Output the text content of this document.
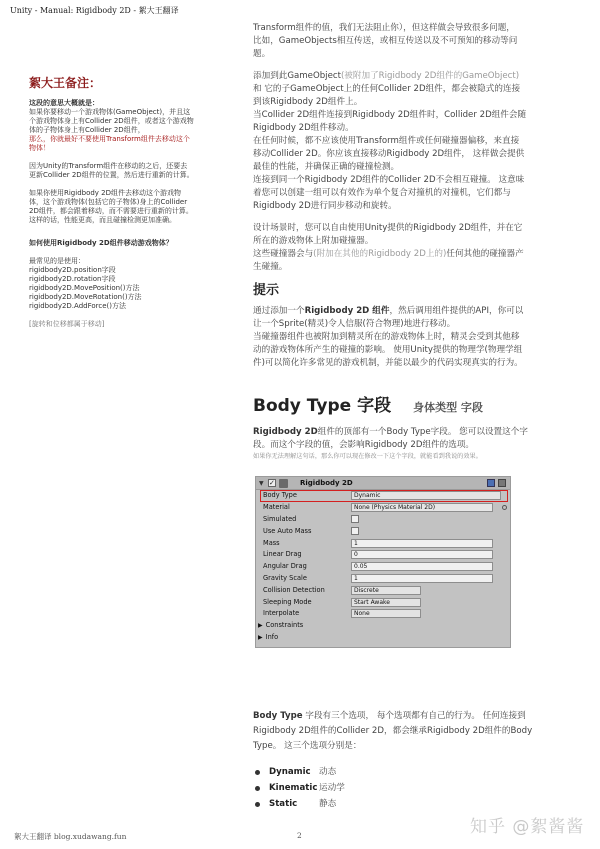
Unity - Manual: Rigidbody 2D - 絮大王翻译
絮大王备注：
这段的意思大概就是：
如果你要移动一个游戏物体(GameObject)，并且这
个游戏物体身上有Collider 2D组件，或者这个游戏物
体的子物体身上有Collider 2D组件，
那么，你就最好不要使用Transform组件去移动这个
物体！
因为Unity的Transform组件在移动的之后，还要去
更新Collider 2D组件的位置，然后进行重新的计算。
如果你使用Rigidbody 2D组件去移动这个游戏物
体，这个游戏物体(包括它的子物体)身上的Collider
2D组件，都会跟着移动，而不需要进行重新的计算。
这样的话，性能更高，而且碰撞检测更加准确。
如何使用Rigidbody 2D组件移动游戏物体？
最常见的是使用：
rigidbody2D.position字段
rigidbody2D.rotation字段
rigidbody2D.MovePosition()方法
rigidbody2D.MoveRotation()方法
rigidbody2D.AddForce()方法
[旋转和位移都属于移动]
Transform组件的值，我们无法阻止你），但这样做会导致很多问题，
比如，GameObjects相互传送，或相互传送以及不可预知的移动等问
题。
添加到此GameObject(被附加了Rigidbody 2D组件的GameObject)
和 它的子GameObject上的任何Collider 2D组件，都会被隐式的连接
到该Rigidbody 2D组件上。
当Collider 2D组件连接到Rigidbody 2D组件时，Collider 2D组件会随
Rigidbody 2D组件移动。
在任何时候，都不应该使用Transform组件或任何碰撞器偏移，来直接
移动Collider 2D。你应该直接移动Rigidbody 2D组件， 这样做会提供
最佳的性能，并确保正确的碰撞检测。
连接到同一个Rigidbody 2D组件的Collider 2D不会相互碰撞。 这意味
着您可以创建一组可以有效作为单个复合对撞机的对撞机，它们都与
Rigidbody 2D进行同步移动和旋转。
设计场景时，您可以自由使用Unity提供的Rigidbody 2D组件，并在它
所在的游戏物体上附加碰撞器。
这些碰撞器会与(附加在其他的Rigidbody 2D上的)任何其他的碰撞器产
生碰撞。
提示
通过添加一个Rigidbody 2D 组件，然后调用组件提供的API，你可以
让一个Sprite(精灵)令人信服(符合物理)地进行移动。
当碰撞器组件也被附加到精灵所在的游戏物体上时，精灵会受到其他移
动的游戏物体所产生的碰撞的影响。 使用Unity提供的物理学(物理学组
件)可以简化许多常见的游戏机制，并能以最少的代码实现真实的行为。
Body Type 字段 身体类型 字段
Rigidbody 2D组件的顶部有一个Body Type字段。 您可以设置这个字
段。而这个字段的值，会影响Rigidbody 2D组件的选项。
如果你无法理解这句话，那么你可以现在修改一下这个字段，就能看到我说的效果。
▼ ✓	Rigidbody 2D
Body Type	Dynamic
Material	None (Physics Material 2D)
Simulated
Use Auto Mass
Mass	1
Linear Drag	0
Angular Drag	0.05
Gravity Scale	1
Collision Detection	Discrete
Sleeping Mode	Start Awake
Interpolate	None
▶ Constraints
▶ Info
Body Type 字段有三个选项， 每个选项都有自己的行为。 任何连接到
Rigidbody 2D组件的Collider 2D，都会继承Rigidbody 2D组件的Body
Type。 这三个选项分别是：
Dynamic 动态
Kinematic 运动学
Static	静态
知乎 @絮酱酱
絮大王翻译 blog.xudawang.fun	2
